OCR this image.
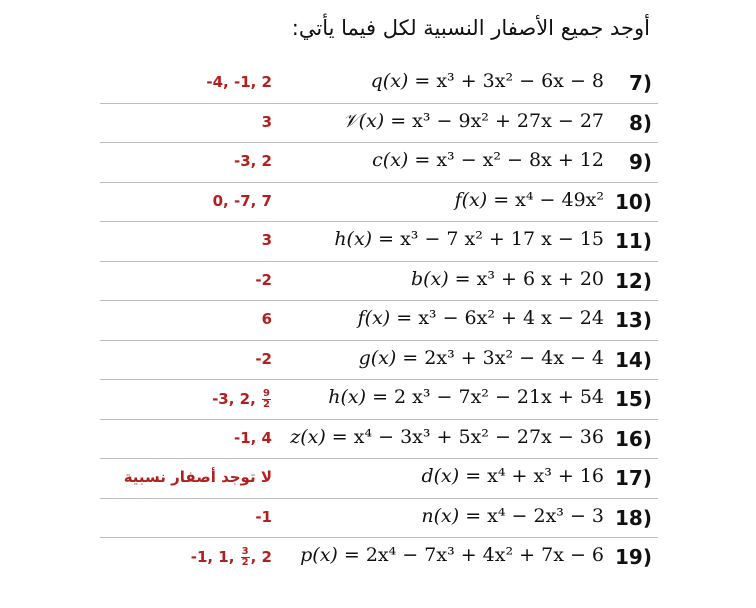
أوجد جميع الأصفار النسبية لكل فيما يأتي:
(7
q(x) = x³ + 3x² − 6x − 8
-4, -1, 2
(8
𝒱(x) = x³ − 9x² + 27x − 27
3
(9
c(x) = x³ − x² − 8x + 12
-3, 2
(10
f(x) = x⁴ − 49x²
0, -7, 7
(11
h(x) = x³ − 7 x² + 17 x − 15
3
(12
b(x) = x³ + 6 x + 20
-2
(13
f(x) = x³ − 6x² + 4 x − 24
6
(14
g(x) = 2x³ + 3x² − 4x − 4
-2
(15
h(x) = 2 x³ − 7x² − 21x + 54
-3, 2, $\frac{9}{2}$
(16
z(x) = x⁴ − 3x³ + 5x² − 27x − 36
-1, 4
(17
d(x) = x⁴ + x³ + 16
لا توجد أصفار نسبية
(18
n(x) = x⁴ − 2x³ − 3
-1
(19
p(x) = 2x⁴ − 7x³ + 4x² + 7x − 6
-1, 1, $\frac{3}{2}$ , 2
